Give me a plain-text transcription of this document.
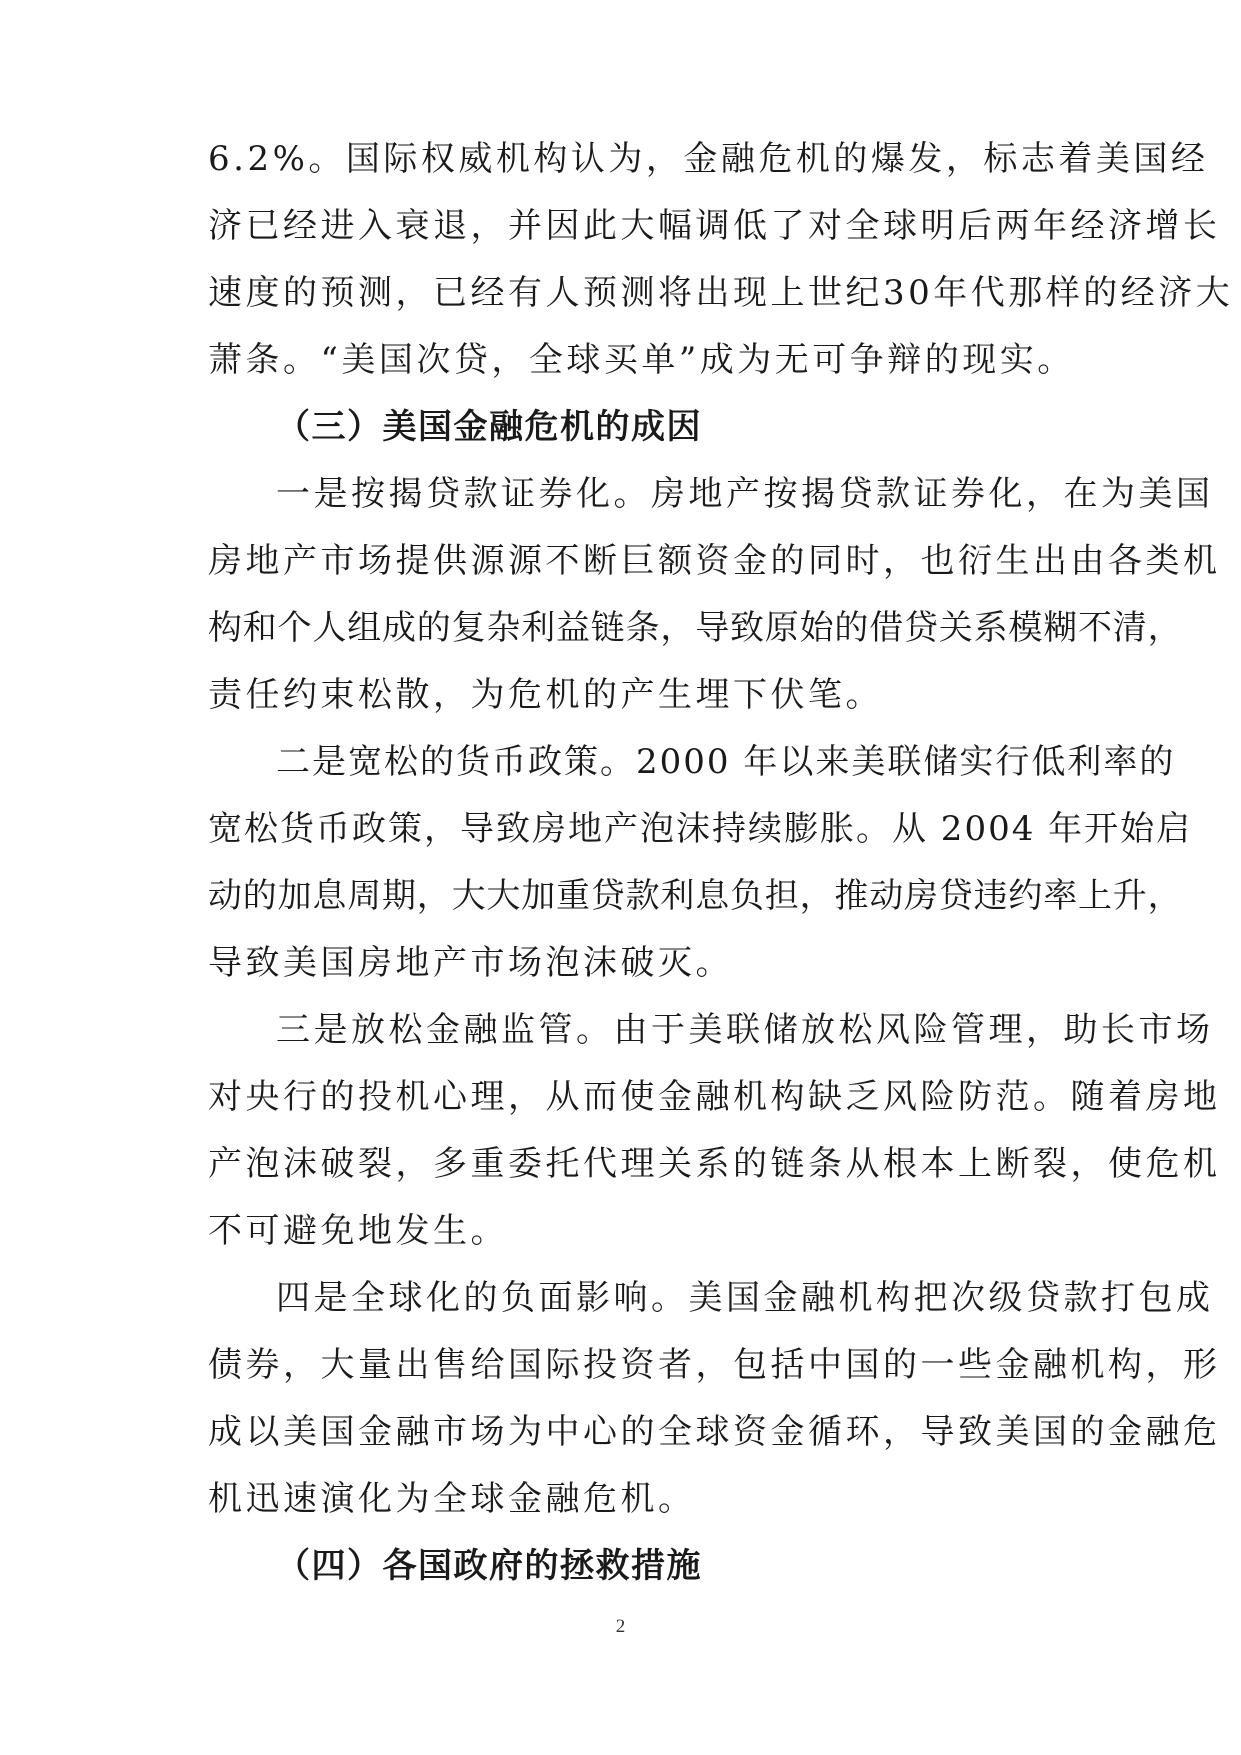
6.2%。国际权威机构认为，金融危机的爆发，标志着美国经
济已经进入衰退，并因此大幅调低了对全球明后两年经济增长
速度的预测，已经有人预测将出现上世纪30年代那样的经济大
萧条。“美国次贷，全球买单”成为无可争辩的现实。
（三）美国金融危机的成因
一是按揭贷款证券化。房地产按揭贷款证券化，在为美国
房地产市场提供源源不断巨额资金的同时，也衍生出由各类机
构和个人组成的复杂利益链条，导致原始的借贷关系模糊不清，
责任约束松散，为危机的产生埋下伏笔。
二是宽松的货币政策。2000 年以来美联储实行低利率的
宽松货币政策，导致房地产泡沫持续膨胀。从 2004 年开始启
动的加息周期，大大加重贷款利息负担，推动房贷违约率上升，
导致美国房地产市场泡沫破灭。
三是放松金融监管。由于美联储放松风险管理，助长市场
对央行的投机心理，从而使金融机构缺乏风险防范。随着房地
产泡沫破裂，多重委托代理关系的链条从根本上断裂，使危机
不可避免地发生。
四是全球化的负面影响。美国金融机构把次级贷款打包成
债券，大量出售给国际投资者，包括中国的一些金融机构，形
成以美国金融市场为中心的全球资金循环，导致美国的金融危
机迅速演化为全球金融危机。
（四）各国政府的拯救措施
2
